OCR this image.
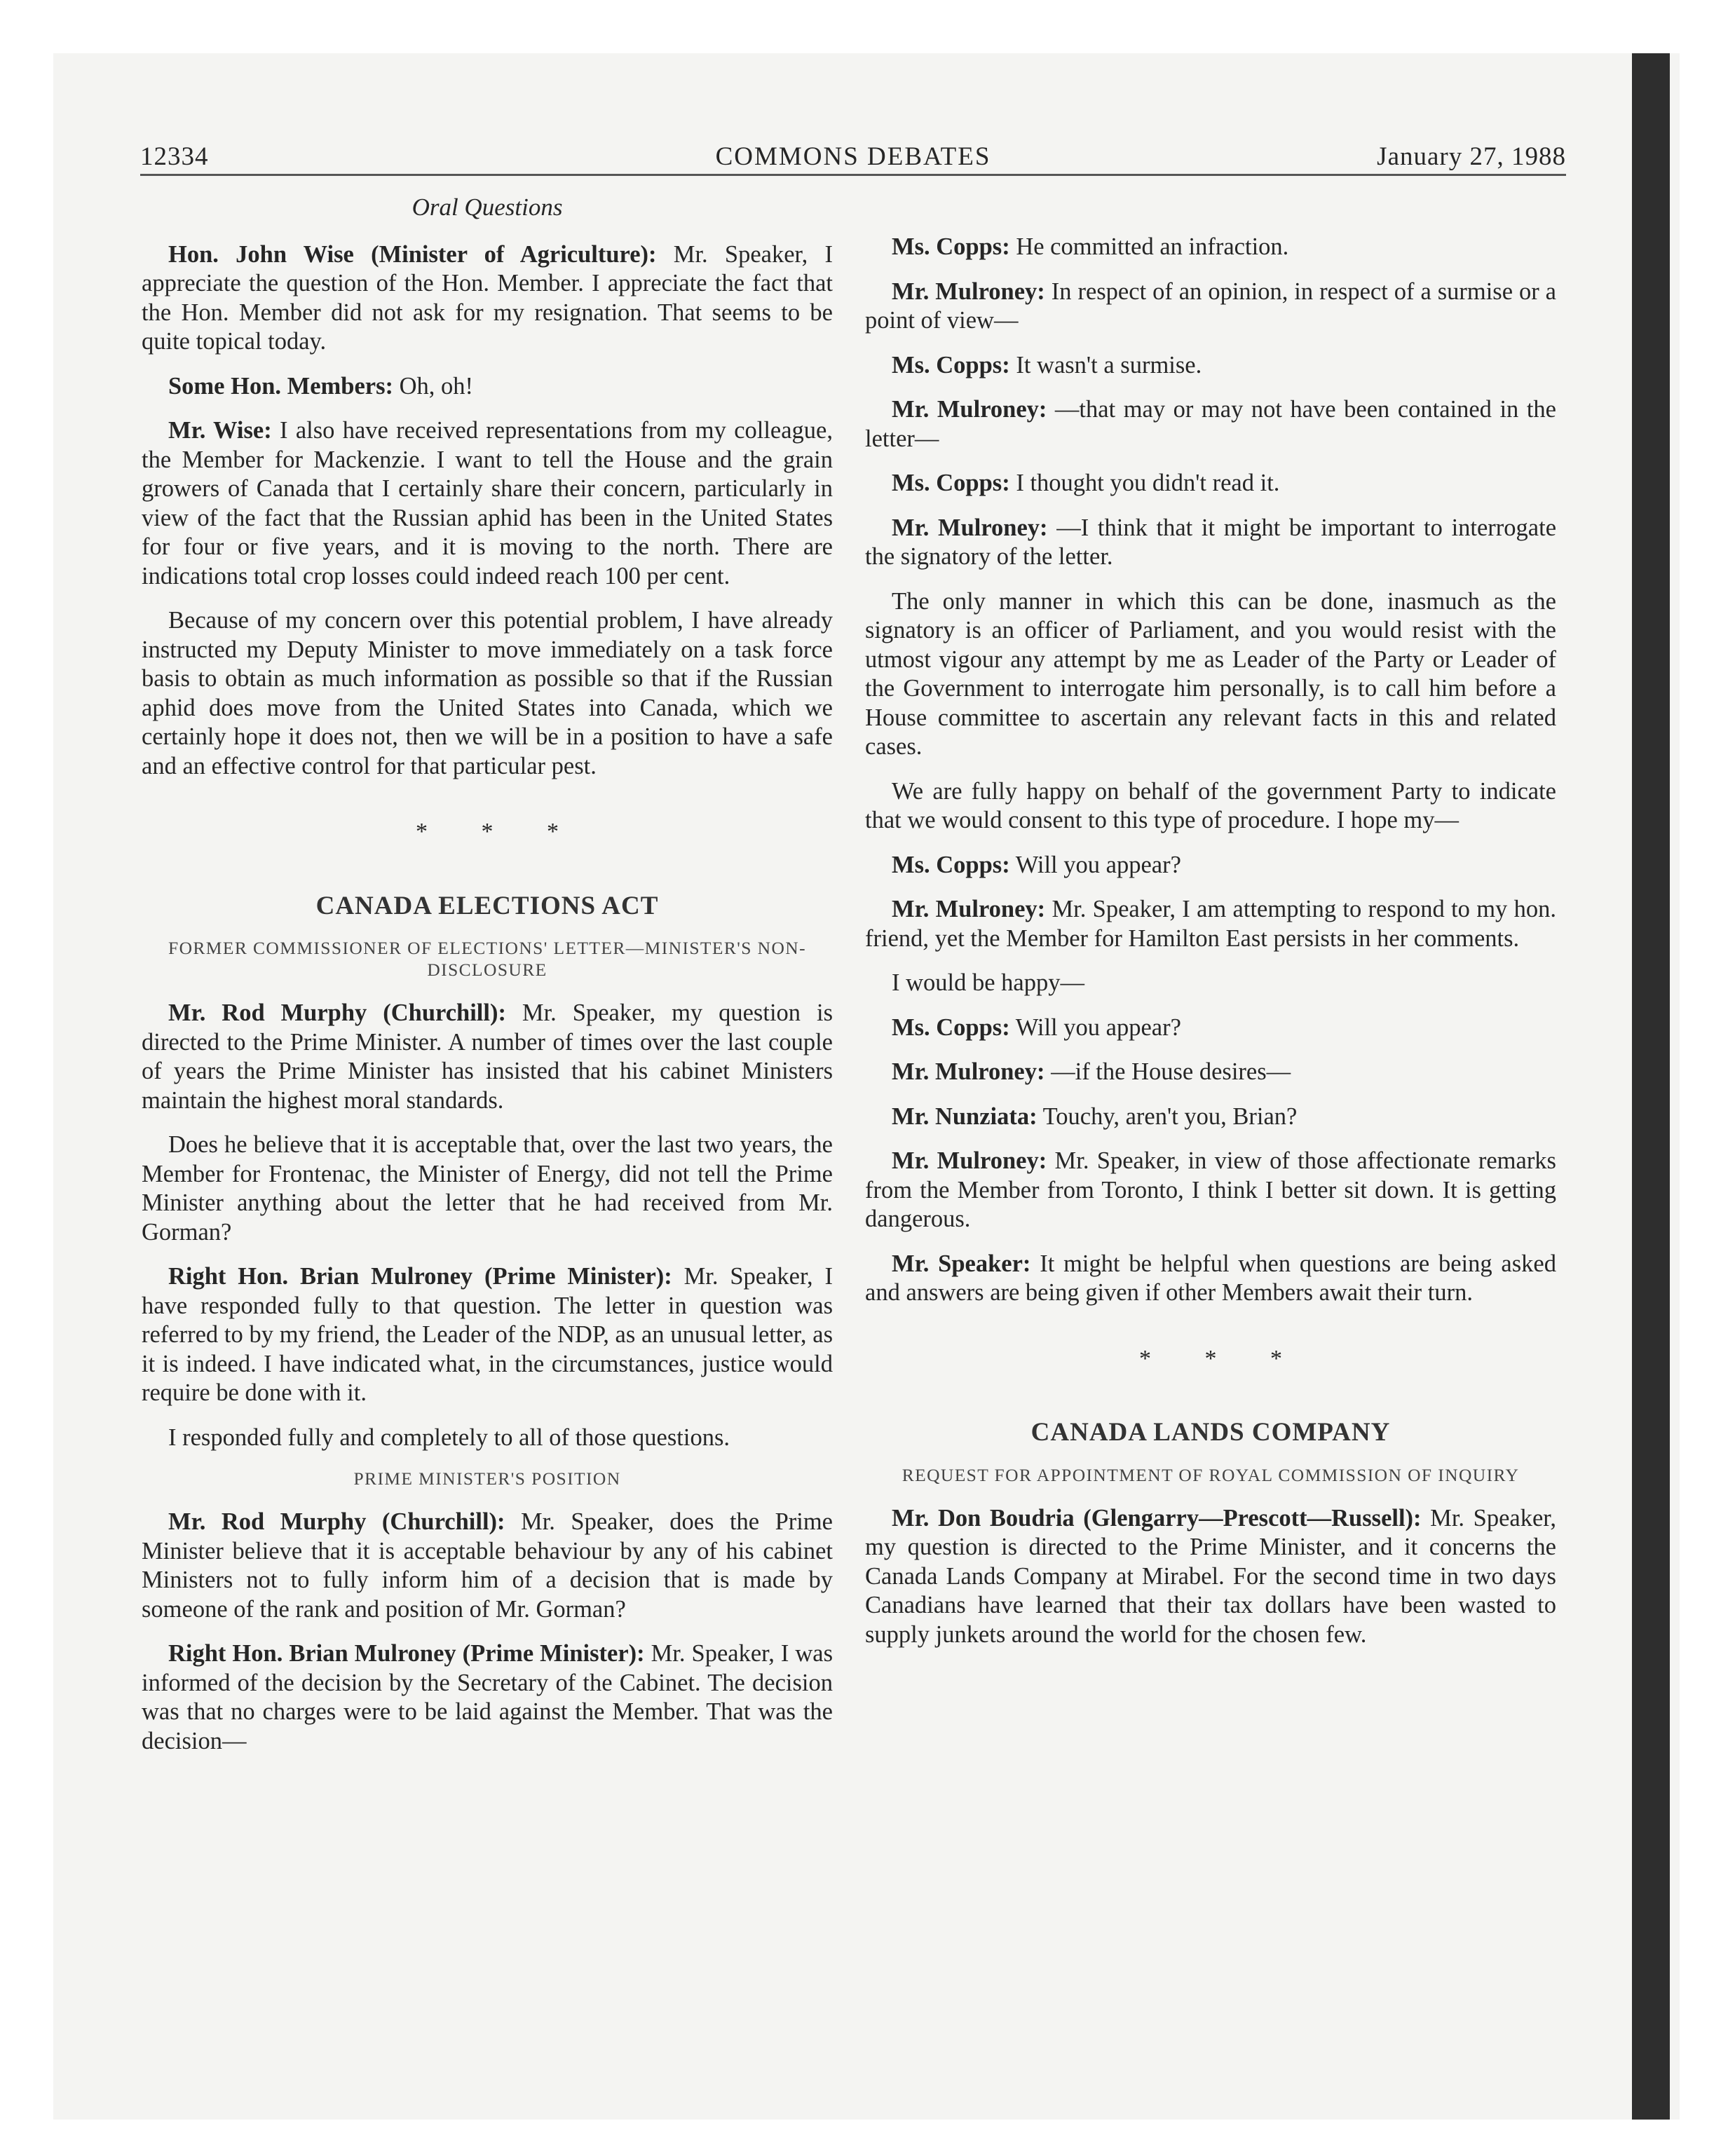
12334	COMMONS DEBATES	January 27, 1988
Oral Questions

Hon. John Wise (Minister of Agriculture): Mr. Speaker, I appreciate the question of the Hon. Member. I appreciate the fact that the Hon. Member did not ask for my resignation. That seems to be quite topical today.

Some Hon. Members: Oh, oh!

Mr. Wise: I also have received representations from my colleague, the Member for Mackenzie. I want to tell the House and the grain growers of Canada that I certainly share their concern, particularly in view of the fact that the Russian aphid has been in the United States for four or five years, and it is moving to the north. There are indications total crop losses could indeed reach 100 per cent.

Because of my concern over this potential problem, I have already instructed my Deputy Minister to move immediately on a task force basis to obtain as much information as possible so that if the Russian aphid does move from the United States into Canada, which we certainly hope it does not, then we will be in a position to have a safe and an effective control for that particular pest.

* * *
CANADA ELECTIONS ACT
FORMER COMMISSIONER OF ELECTIONS' LETTER—MINISTER'S NON-DISCLOSURE

Mr. Rod Murphy (Churchill): Mr. Speaker, my question is directed to the Prime Minister. A number of times over the last couple of years the Prime Minister has insisted that his cabinet Ministers maintain the highest moral standards.

Does he believe that it is acceptable that, over the last two years, the Member for Frontenac, the Minister of Energy, did not tell the Prime Minister anything about the letter that he had received from Mr. Gorman?

Right Hon. Brian Mulroney (Prime Minister): Mr. Speaker, I have responded fully to that question. The letter in question was referred to by my friend, the Leader of the NDP, as an unusual letter, as it is indeed. I have indicated what, in the circumstances, justice would require be done with it.

I responded fully and completely to all of those questions.

PRIME MINISTER'S POSITION

Mr. Rod Murphy (Churchill): Mr. Speaker, does the Prime Minister believe that it is acceptable behaviour by any of his cabinet Ministers not to fully inform him of a decision that is made by someone of the rank and position of Mr. Gorman?

Right Hon. Brian Mulroney (Prime Minister): Mr. Speaker, I was informed of the decision by the Secretary of the Cabinet. The decision was that no charges were to be laid against the Member. That was the decision—

Ms. Copps: He committed an infraction.

Mr. Mulroney: In respect of an opinion, in respect of a surmise or a point of view—

Ms. Copps: It wasn't a surmise.

Mr. Mulroney: —that may or may not have been contained in the letter—

Ms. Copps: I thought you didn't read it.

Mr. Mulroney: —I think that it might be important to interrogate the signatory of the letter.

The only manner in which this can be done, inasmuch as the signatory is an officer of Parliament, and you would resist with the utmost vigour any attempt by me as Leader of the Party or Leader of the Government to interrogate him personally, is to call him before a House committee to ascertain any relevant facts in this and related cases.

We are fully happy on behalf of the government Party to indicate that we would consent to this type of procedure. I hope my—

Ms. Copps: Will you appear?

Mr. Mulroney: Mr. Speaker, I am attempting to respond to my hon. friend, yet the Member for Hamilton East persists in her comments.

I would be happy—

Ms. Copps: Will you appear?

Mr. Mulroney: —if the House desires—

Mr. Nunziata: Touchy, aren't you, Brian?

Mr. Mulroney: Mr. Speaker, in view of those affectionate remarks from the Member from Toronto, I think I better sit down. It is getting dangerous.

Mr. Speaker: It might be helpful when questions are being asked and answers are being given if other Members await their turn.

* * *
CANADA LANDS COMPANY
REQUEST FOR APPOINTMENT OF ROYAL COMMISSION OF INQUIRY

Mr. Don Boudria (Glengarry—Prescott—Russell): Mr. Speaker, my question is directed to the Prime Minister, and it concerns the Canada Lands Company at Mirabel. For the second time in two days Canadians have learned that their tax dollars have been wasted to supply junkets around the world for the chosen few.
